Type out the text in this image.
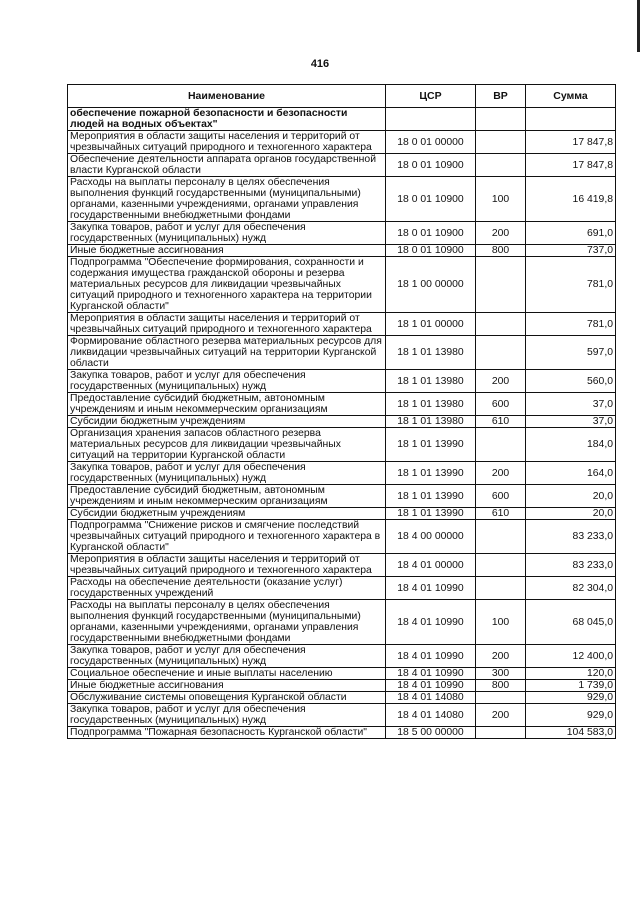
416
Наименование	ЦСР	ВР	Сумма
обеспечение пожарной безопасности и безопасности людей на водных объектах"			
Мероприятия в области защиты населения и территорий от чрезвычайных ситуаций природного и техногенного характера	18 0 01 00000		17 847,8
Обеспечение деятельности аппарата органов государственной власти Курганской области	18 0 01 10900		17 847,8
Расходы на выплаты персоналу в целях обеспечения выполнения функций государственными (муниципальными) органами, казенными учреждениями, органами управления государственными внебюджетными фондами	18 0 01 10900	100	16 419,8
Закупка товаров, работ и услуг для обеспечения государственных (муниципальных) нужд	18 0 01 10900	200	691,0
Иные бюджетные ассигнования	18 0 01 10900	800	737,0
Подпрограмма "Обеспечение формирования, сохранности и содержания имущества гражданской обороны и резерва материальных ресурсов для ликвидации чрезвычайных ситуаций природного и техногенного характера на территории Курганской области"	18 1 00 00000		781,0
Мероприятия в области защиты населения и территорий от чрезвычайных ситуаций природного и техногенного характера	18 1 01 00000		781,0
Формирование областного резерва материальных ресурсов для ликвидации чрезвычайных ситуаций на территории Курганской области	18 1 01 13980		597,0
Закупка товаров, работ и услуг для обеспечения государственных (муниципальных) нужд	18 1 01 13980	200	560,0
Предоставление субсидий бюджетным, автономным учреждениям и иным некоммерческим организациям	18 1 01 13980	600	37,0
Субсидии бюджетным учреждениям	18 1 01 13980	610	37,0
Организация хранения запасов областного резерва материальных ресурсов для ликвидации чрезвычайных ситуаций на территории Курганской области	18 1 01 13990		184,0
Закупка товаров, работ и услуг для обеспечения государственных (муниципальных) нужд	18 1 01 13990	200	164,0
Предоставление субсидий бюджетным, автономным учреждениям и иным некоммерческим организациям	18 1 01 13990	600	20,0
Субсидии бюджетным учреждениям	18 1 01 13990	610	20,0
Подпрограмма "Снижение рисков и смягчение последствий чрезвычайных ситуаций природного и техногенного характера в Курганской области"	18 4 00 00000		83 233,0
Мероприятия в области защиты населения и территорий от чрезвычайных ситуаций природного и техногенного характера	18 4 01 00000		83 233,0
Расходы на обеспечение деятельности (оказание услуг) государственных учреждений	18 4 01 10990		82 304,0
Расходы на выплаты персоналу в целях обеспечения выполнения функций государственными (муниципальными) органами, казенными учреждениями, органами управления государственными внебюджетными фондами	18 4 01 10990	100	68 045,0
Закупка товаров, работ и услуг для обеспечения государственных (муниципальных) нужд	18 4 01 10990	200	12 400,0
Социальное обеспечение и иные выплаты населению	18 4 01 10990	300	120,0
Иные бюджетные ассигнования	18 4 01 10990	800	1 739,0
Обслуживание системы оповещения Курганской области	18 4 01 14080		929,0
Закупка товаров, работ и услуг для обеспечения государственных (муниципальных) нужд	18 4 01 14080	200	929,0
Подпрограмма "Пожарная безопасность Курганской области"	18 5 00 00000		104 583,0
